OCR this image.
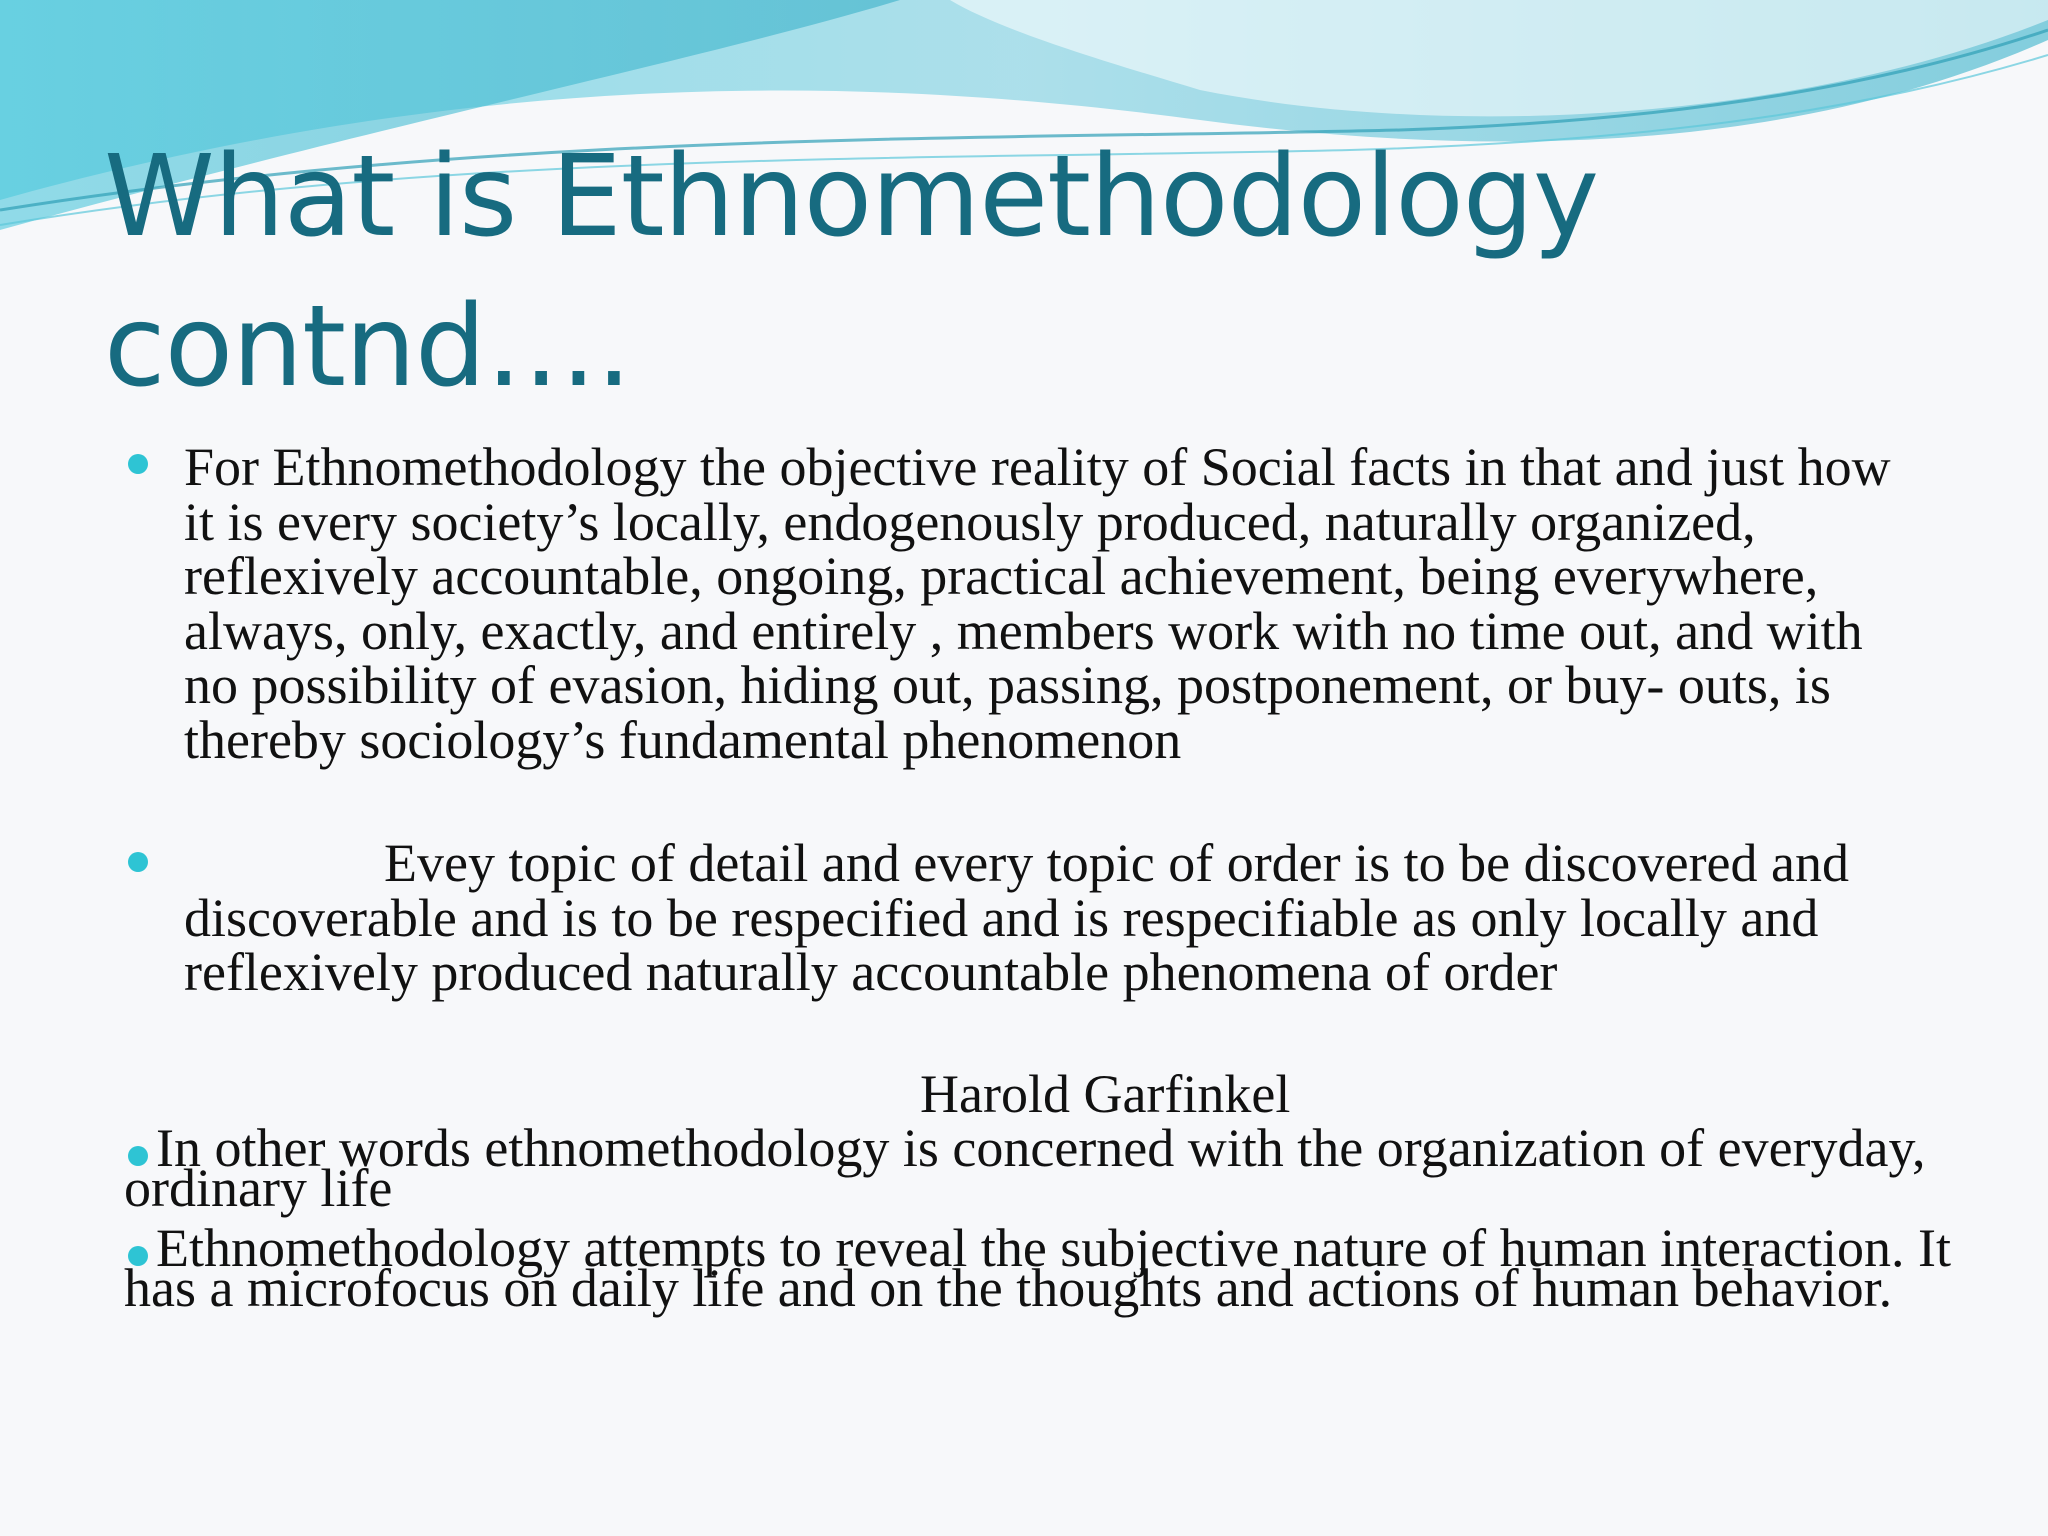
What is Ethnomethodology
contnd….

For Ethnomethodology the objective reality of Social facts in that and just how it is every society’s locally, endogenously produced, naturally organized, reflexively accountable, ongoing, practical achievement, being everywhere, always, only, exactly, and entirely , members work with no time out, and with no possibility of evasion, hiding out, passing, postponement, or buy- outs, is thereby sociology’s fundamental phenomenon

Evey topic of detail and every topic of order is to be discovered and discoverable and is to be respecified and is respecifiable as only locally and reflexively produced naturally accountable phenomena of order

Harold Garfinkel

In other words ethnomethodology is concerned with the organization of everyday, ordinary life

Ethnomethodology attempts to reveal the subjective nature of human interaction. It has a microfocus on daily life and on the thoughts and actions of human behavior.
